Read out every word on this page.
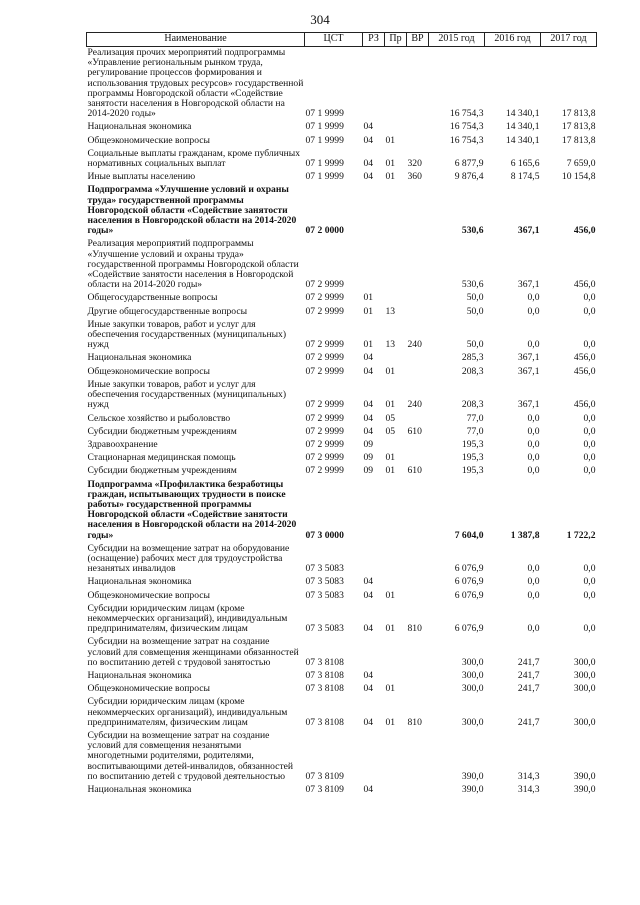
304
Наименование	ЦСТ	РЗ	Пр	ВР	2015 год	2016 год	2017 год
Реализация прочих мероприятий подпрограммы «Управление региональным рынком труда, регулирование процессов формирования и использования трудовых ресурсов» государственной программы Новгородской области «Содействие занятости населения в Новгородской области на 2014-2020 годы»	07 1 9999				16 754,3	14 340,1	17 813,8
Национальная экономика	07 1 9999	04			16 754,3	14 340,1	17 813,8
Общеэкономические вопросы	07 1 9999	04	01		16 754,3	14 340,1	17 813,8
Социальные выплаты гражданам, кроме публичных нормативных социальных выплат	07 1 9999	04	01	320	6 877,9	6 165,6	7 659,0
Иные выплаты населению	07 1 9999	04	01	360	9 876,4	8 174,5	10 154,8
Подпрограмма «Улучшение условий и охраны труда» государственной программы Новгородской области «Содействие занятости населения в Новгородской области на 2014-2020 годы»	07 2 0000				530,6	367,1	456,0
Реализация мероприятий подпрограммы «Улучшение условий и охраны труда» государственной программы Новгородской области «Содействие занятости населения в Новгородской области на 2014-2020 годы»	07 2 9999				530,6	367,1	456,0
Общегосударственные вопросы	07 2 9999	01			50,0	0,0	0,0
Другие общегосударственные вопросы	07 2 9999	01	13		50,0	0,0	0,0
Иные закупки товаров, работ и услуг для обеспечения государственных (муниципальных) нужд	07 2 9999	01	13	240	50,0	0,0	0,0
Национальная экономика	07 2 9999	04			285,3	367,1	456,0
Общеэкономические вопросы	07 2 9999	04	01		208,3	367,1	456,0
Иные закупки товаров, работ и услуг для обеспечения государственных (муниципальных) нужд	07 2 9999	04	01	240	208,3	367,1	456,0
Сельское хозяйство и рыболовство	07 2 9999	04	05		77,0	0,0	0,0
Субсидии бюджетным учреждениям	07 2 9999	04	05	610	77,0	0,0	0,0
Здравоохранение	07 2 9999	09			195,3	0,0	0,0
Стационарная медицинская помощь	07 2 9999	09	01		195,3	0,0	0,0
Субсидии бюджетным учреждениям	07 2 9999	09	01	610	195,3	0,0	0,0
Подпрограмма «Профилактика безработицы граждан, испытывающих трудности в поиске работы» государственной программы Новгородской области «Содействие занятости населения в Новгородской области на 2014-2020 годы»	07 3 0000				7 604,0	1 387,8	1 722,2
Субсидии на возмещение затрат на оборудование (оснащение) рабочих мест для трудоустройства незанятых инвалидов	07 3 5083				6 076,9	0,0	0,0
Национальная экономика	07 3 5083	04			6 076,9	0,0	0,0
Общеэкономические вопросы	07 3 5083	04	01		6 076,9	0,0	0,0
Субсидии юридическим лицам (кроме некоммерческих организаций), индивидуальным предпринимателям, физическим лицам	07 3 5083	04	01	810	6 076,9	0,0	0,0
Субсидии на возмещение затрат на создание условий для совмещения женщинами обязанностей по воспитанию детей с трудовой занятостью	07 3 8108				300,0	241,7	300,0
Национальная экономика	07 3 8108	04			300,0	241,7	300,0
Общеэкономические вопросы	07 3 8108	04	01		300,0	241,7	300,0
Субсидии юридическим лицам (кроме некоммерческих организаций), индивидуальным предпринимателям, физическим лицам	07 3 8108	04	01	810	300,0	241,7	300,0
Субсидии на возмещение затрат на создание условий для совмещения незанятыми многодетными родителями, родителями, воспитывающими детей-инвалидов, обязанностей по воспитанию детей с трудовой деятельностью	07 3 8109				390,0	314,3	390,0
Национальная экономика	07 3 8109	04			390,0	314,3	390,0
